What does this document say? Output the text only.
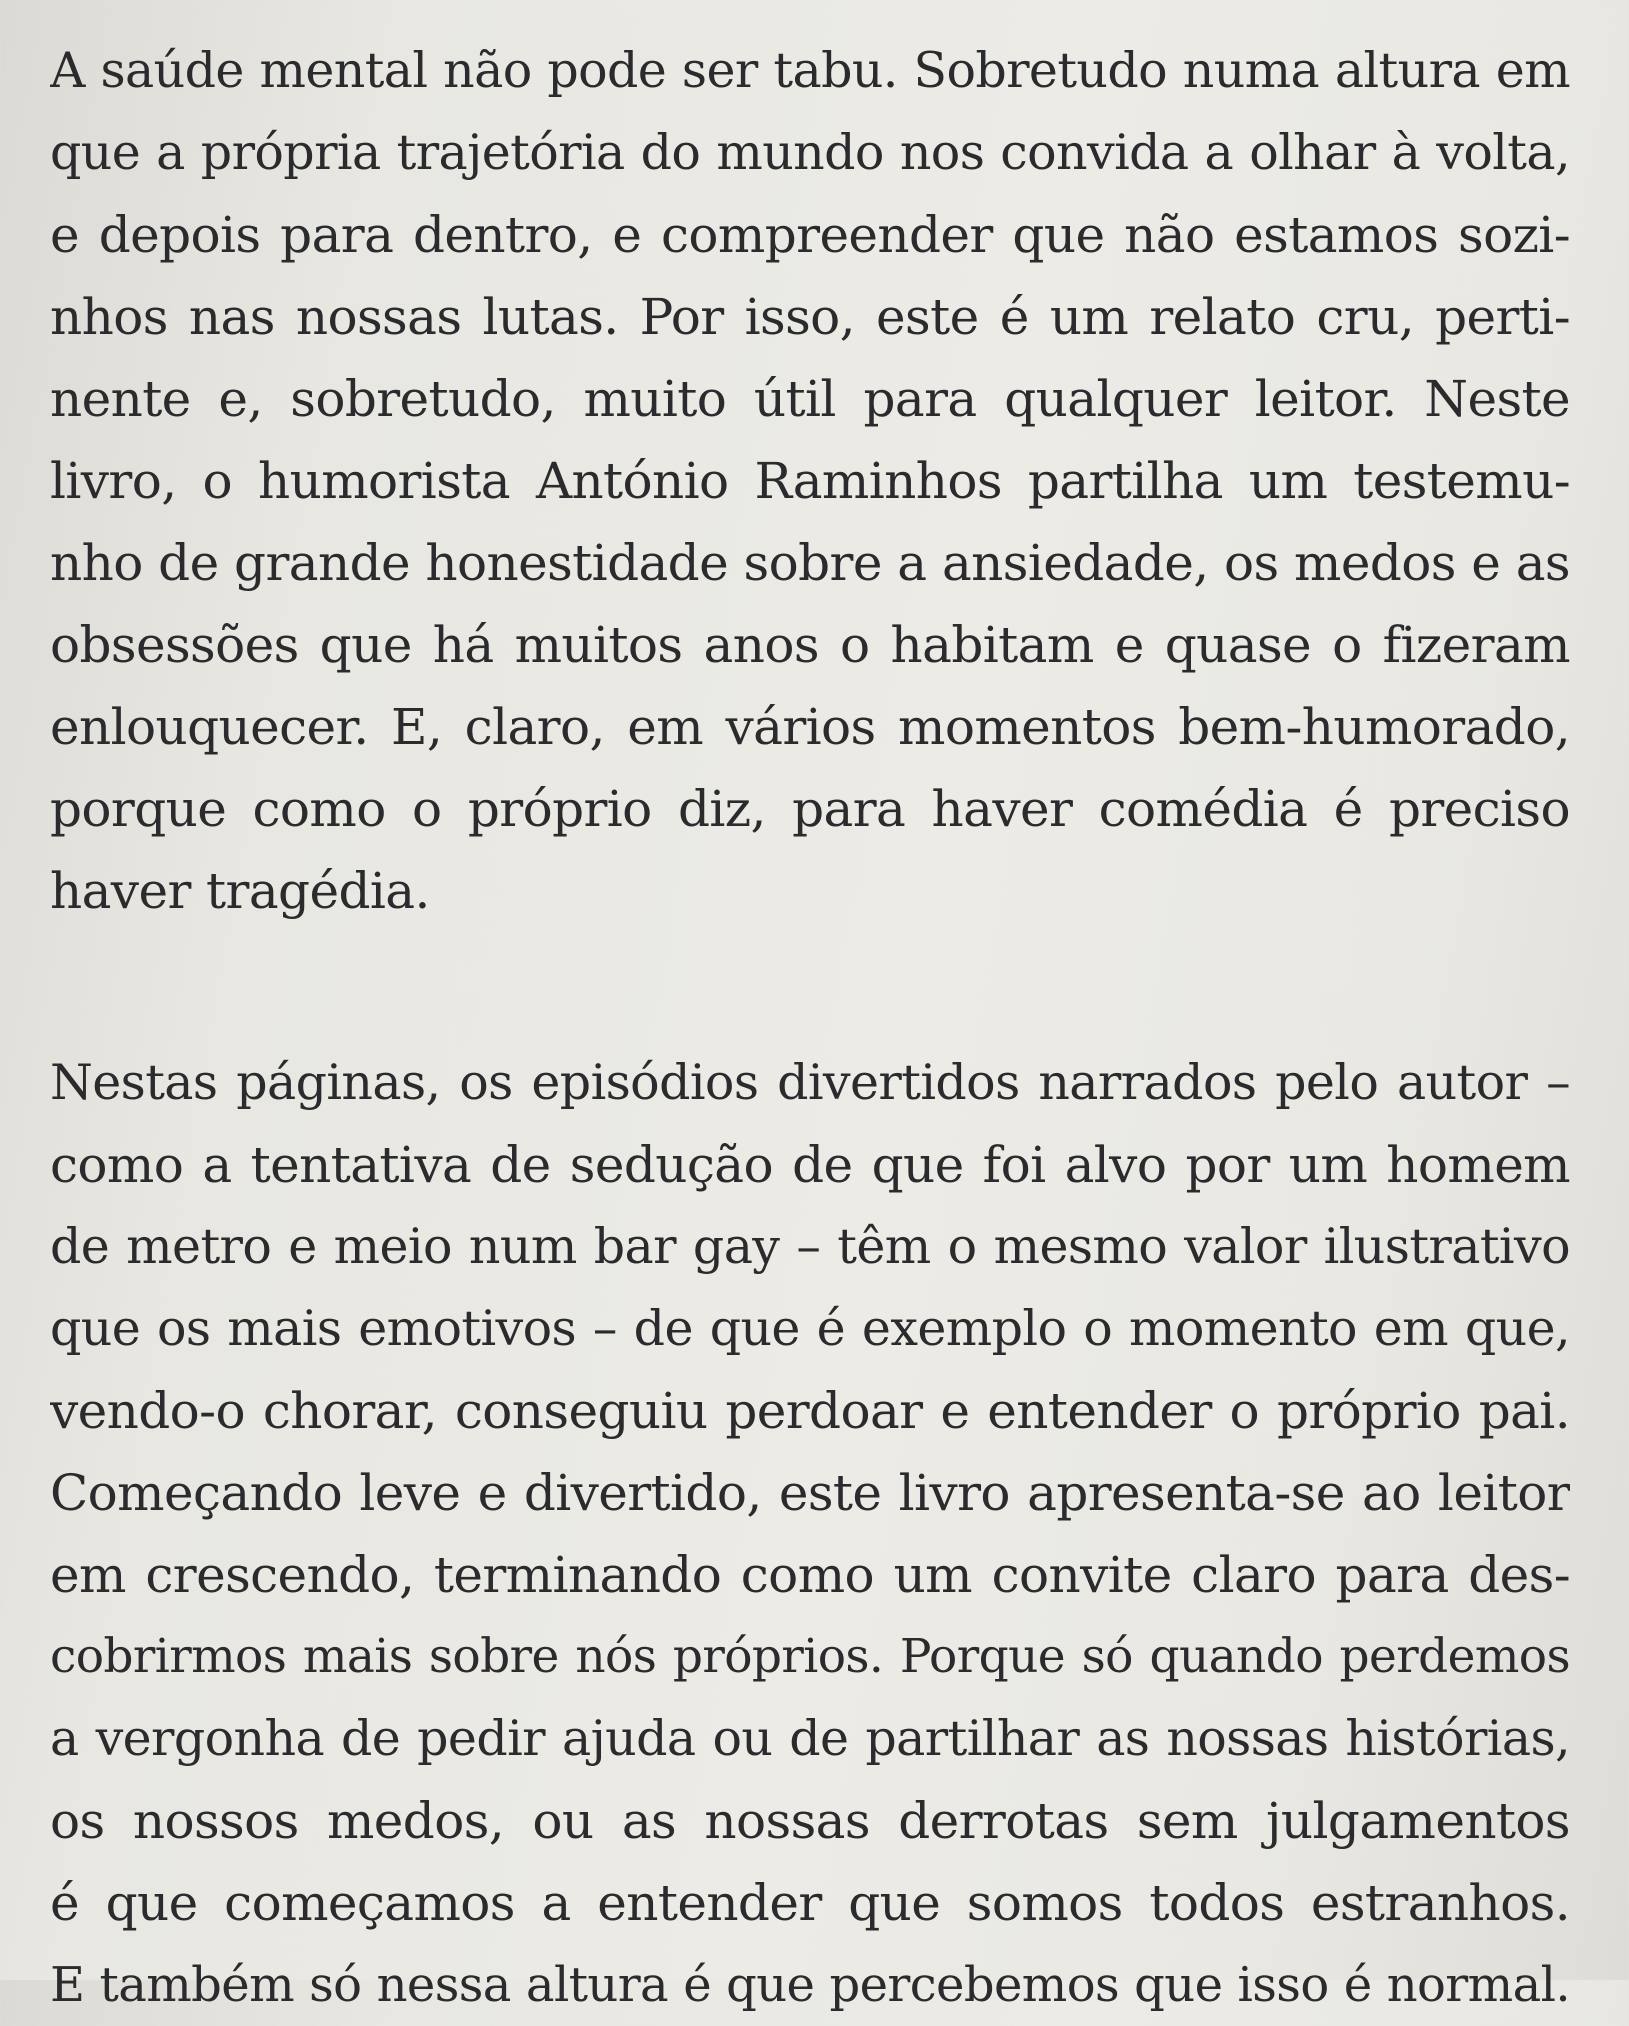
A saúde mental não pode ser tabu. Sobretudo numa altura em
que a própria trajetória do mundo nos convida a olhar à volta,
e depois para dentro, e compreender que não estamos sozi-
nhos nas nossas lutas. Por isso, este é um relato cru, perti-
nente e, sobretudo, muito útil para qualquer leitor. Neste
livro, o humorista António Raminhos partilha um testemu-
nho de grande honestidade sobre a ansiedade, os medos e as
obsessões que há muitos anos o habitam e quase o fizeram
enlouquecer. E, claro, em vários momentos bem-humorado,
porque como o próprio diz, para haver comédia é preciso
haver tragédia.
Nestas páginas, os episódios divertidos narrados pelo autor –
como a tentativa de sedução de que foi alvo por um homem
de metro e meio num bar gay – têm o mesmo valor ilustrativo
que os mais emotivos – de que é exemplo o momento em que,
vendo-o chorar, conseguiu perdoar e entender o próprio pai.
Começando leve e divertido, este livro apresenta-se ao leitor
em crescendo, terminando como um convite claro para des-
cobrirmos mais sobre nós próprios. Porque só quando perdemos
a vergonha de pedir ajuda ou de partilhar as nossas histórias,
os nossos medos, ou as nossas derrotas sem julgamentos
é que começamos a entender que somos todos estranhos.
E também só nessa altura é que percebemos que isso é normal.
